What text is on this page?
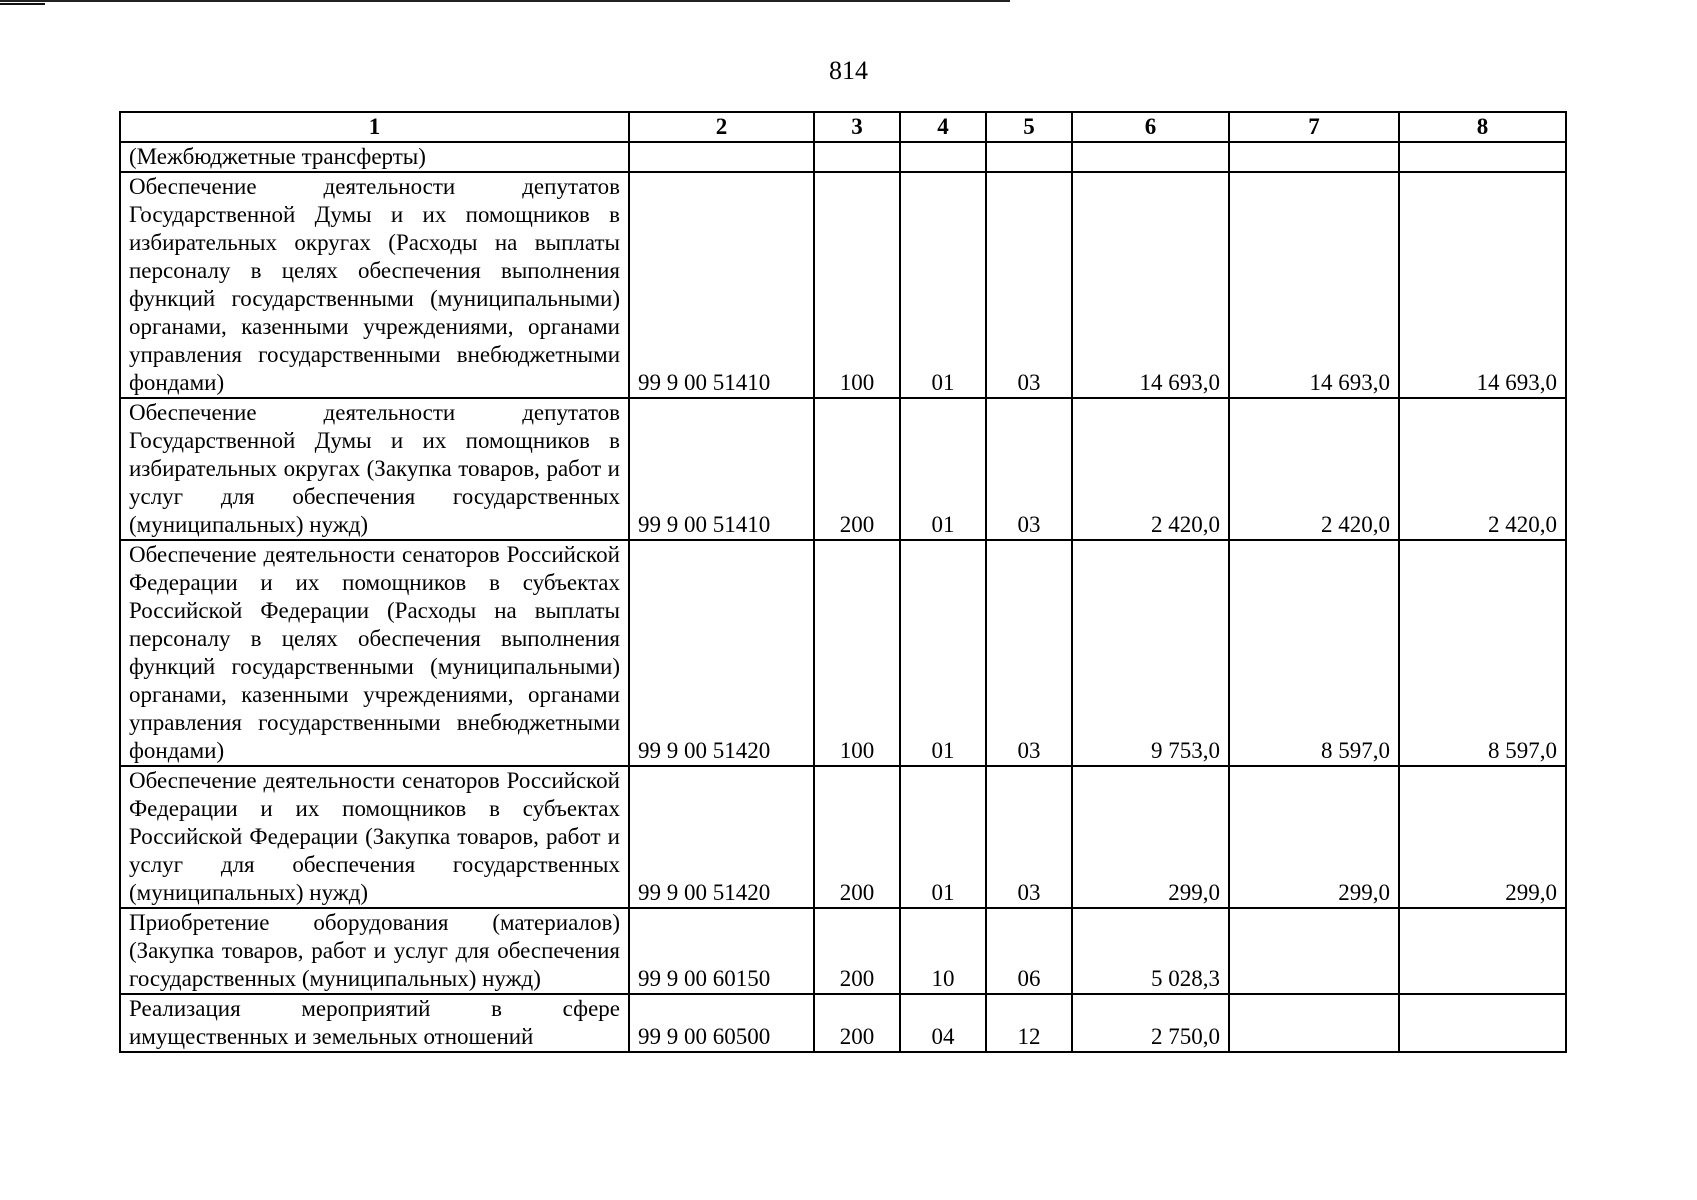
814
1	2	3	4	5	6	7	8
(Межбюджетные трансферты)							
Обеспечение деятельности депутатов Государственной Думы и их помощников в избирательных округах (Расходы на выплаты персоналу в целях обеспечения выполнения функций государственными (муниципальными) органами, казенными учреждениями, органами управления государственными внебюджетными фондами)	99 9 00 51410	100	01	03	14 693,0	14 693,0	14 693,0
Обеспечение деятельности депутатов Государственной Думы и их помощников в избирательных округах (Закупка товаров, работ и услуг для обеспечения государственных (муниципальных) нужд)	99 9 00 51410	200	01	03	2 420,0	2 420,0	2 420,0
Обеспечение деятельности сенаторов Российской Федерации и их помощников в субъектах Российской Федерации (Расходы на выплаты персоналу в целях обеспечения выполнения функций государственными (муниципальными) органами, казенными учреждениями, органами управления государственными внебюджетными фондами)	99 9 00 51420	100	01	03	9 753,0	8 597,0	8 597,0
Обеспечение деятельности сенаторов Российской Федерации и их помощников в субъектах Российской Федерации (Закупка товаров, работ и услуг для обеспечения государственных (муниципальных) нужд)	99 9 00 51420	200	01	03	299,0	299,0	299,0
Приобретение оборудования (материалов) (Закупка товаров, работ и услуг для обеспечения государственных (муниципальных) нужд)	99 9 00 60150	200	10	06	5 028,3		

Реализация мероприятий в сфере имущественных и земельных отношений	99 9 00 60500	200	04	12	2 750,0		
